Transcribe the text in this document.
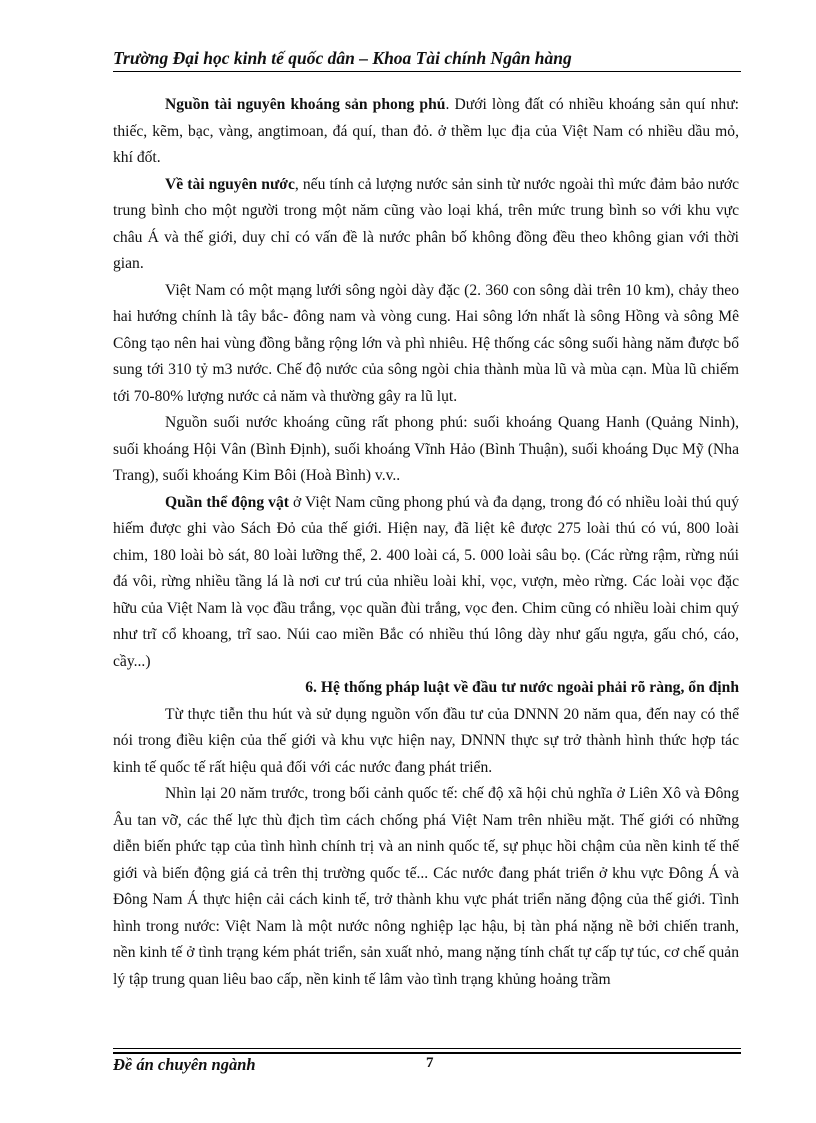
Trường Đại học kinh tế quốc dân – Khoa Tài chính Ngân hàng

Nguồn tài nguyên khoáng sản phong phú. Dưới lòng đất có nhiều khoáng sản quí như: thiếc, kẽm, bạc, vàng, angtimoan, đá quí, than đỏ. ở thềm lục địa của Việt Nam có nhiều dầu mỏ, khí đốt.

Về tài nguyên nước, nếu tính cả lượng nước sản sinh từ nước ngoài thì mức đảm bảo nước trung bình cho một người trong một năm cũng vào loại khá, trên mức trung bình so với khu vực châu Á và thế giới, duy chỉ có vấn đề là nước phân bố không đồng đều theo không gian với thời gian.

Việt Nam có một mạng lưới sông ngòi dày đặc (2. 360 con sông dài trên 10 km), chảy theo hai hướng chính là tây bắc- đông nam và vòng cung. Hai sông lớn nhất là sông Hồng và sông Mê Công tạo nên hai vùng đồng bằng rộng lớn và phì nhiêu. Hệ thống các sông suối hàng năm được bổ sung tới 310 tỷ m3 nước. Chế độ nước của sông ngòi chia thành mùa lũ và mùa cạn. Mùa lũ chiếm tới 70-80% lượng nước cả năm và thường gây ra lũ lụt.

Nguồn suối nước khoáng cũng rất phong phú: suối khoáng Quang Hanh (Quảng Ninh), suối khoáng Hội Vân (Bình Định), suối khoáng Vĩnh Hảo (Bình Thuận), suối khoáng Dục Mỹ (Nha Trang), suối khoáng Kim Bôi (Hoà Bình) v.v..

Quần thể động vật ở Việt Nam cũng phong phú và đa dạng, trong đó có nhiều loài thú quý hiếm được ghi vào Sách Đỏ của thế giới. Hiện nay, đã liệt kê được 275 loài thú có vú, 800 loài chim, 180 loài bò sát, 80 loài lưỡng thể, 2. 400 loài cá, 5. 000 loài sâu bọ. (Các rừng rậm, rừng núi đá vôi, rừng nhiều tầng lá là nơi cư trú của nhiều loài khỉ, vọc, vượn, mèo rừng. Các loài vọc đặc hữu của Việt Nam là vọc đầu trắng, vọc quần đùi trắng, vọc đen. Chim cũng có nhiều loài chim quý như trĩ cổ khoang, trĩ sao. Núi cao miền Bắc có nhiều thú lông dày như gấu ngựa, gấu chó, cáo, cầy...)

6. Hệ thống pháp luật về đầu tư nước ngoài phải rõ ràng, ổn định

Từ thực tiễn thu hút và sử dụng nguồn vốn đầu tư của DNNN 20 năm qua, đến nay có thể nói trong điều kiện của thế giới và khu vực hiện nay, DNNN thực sự trở thành hình thức hợp tác kinh tế quốc tế rất hiệu quả đối với các nước đang phát triển.

Nhìn lại 20 năm trước, trong bối cảnh quốc tế: chế độ xã hội chủ nghĩa ở Liên Xô và Đông Âu tan vỡ, các thế lực thù địch tìm cách chống phá Việt Nam trên nhiều mặt. Thế giới có những diễn biến phức tạp của tình hình chính trị và an ninh quốc tế, sự phục hồi chậm của nền kinh tế thế giới và biến động giá cả trên thị trường quốc tế... Các nước đang phát triển ở khu vực Đông Á và Đông Nam Á thực hiện cải cách kinh tế, trở thành khu vực phát triển năng động của thế giới. Tình hình trong nước: Việt Nam là một nước nông nghiệp lạc hậu, bị tàn phá nặng nề bởi chiến tranh, nền kinh tế ở tình trạng kém phát triển, sản xuất nhỏ, mang nặng tính chất tự cấp tự túc, cơ chế quản lý tập trung quan liêu bao cấp, nền kinh tế lâm vào tình trạng khủng hoảng trầm

Đề án chuyên ngành	7
